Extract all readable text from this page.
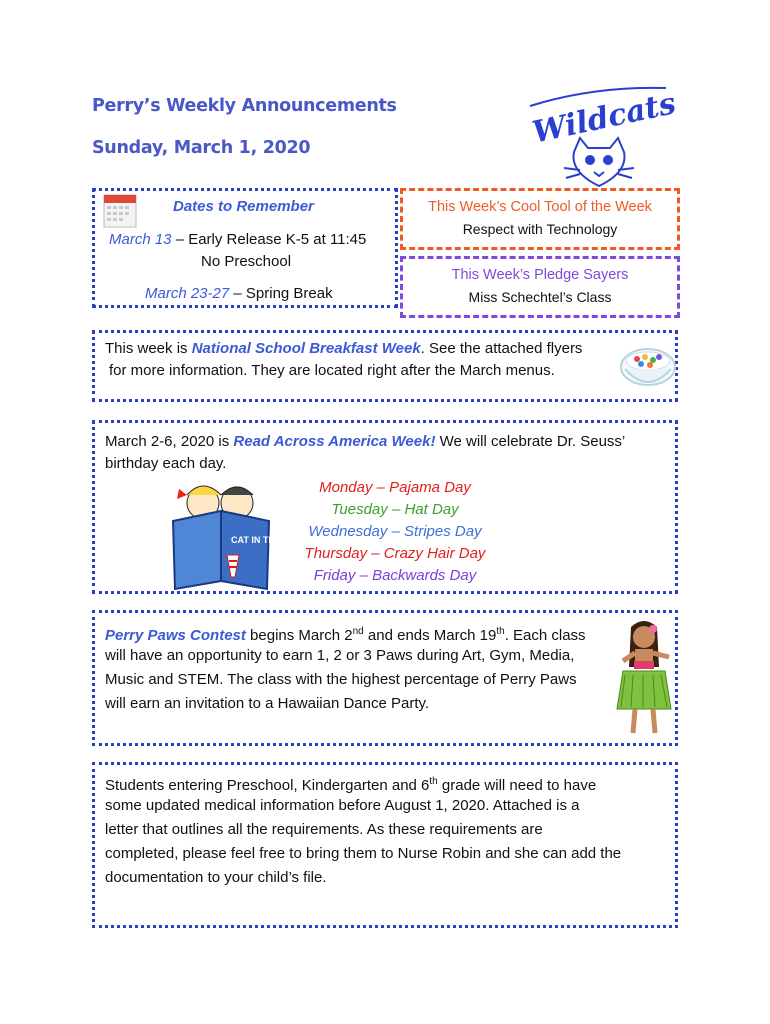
Perry’s Weekly Announcements
Sunday, March 1, 2020	Wildcats
Dates to Remember
March 13 – Early Release K-5 at 11:45
No Preschool
March 23-27 – Spring Break
This Week’s Cool Tool of the Week
Respect with Technology
This Week’s Pledge Sayers
Miss Schechtel’s Class
This week is National School Breakfast Week. See the attached flyers
for more information. They are located right after the March menus.
March 2-6, 2020 is Read Across America Week! We will celebrate Dr. Seuss’
birthday each day.
CAT IN THE HAT
Monday – Pajama Day
Tuesday – Hat Day
Wednesday – Stripes Day
Thursday – Crazy Hair Day
Friday – Backwards Day
Perry Paws Contest begins March 2nd and ends March 19th. Each class
will have an opportunity to earn 1, 2 or 3 Paws during Art, Gym, Media,
Music and STEM. The class with the highest percentage of Perry Paws
will earn an invitation to a Hawaiian Dance Party.
Students entering Preschool, Kindergarten and 6th grade will need to have
some updated medical information before August 1, 2020. Attached is a
letter that outlines all the requirements. As these requirements are
completed, please feel free to bring them to Nurse Robin and she can add the
documentation to your child’s file.
